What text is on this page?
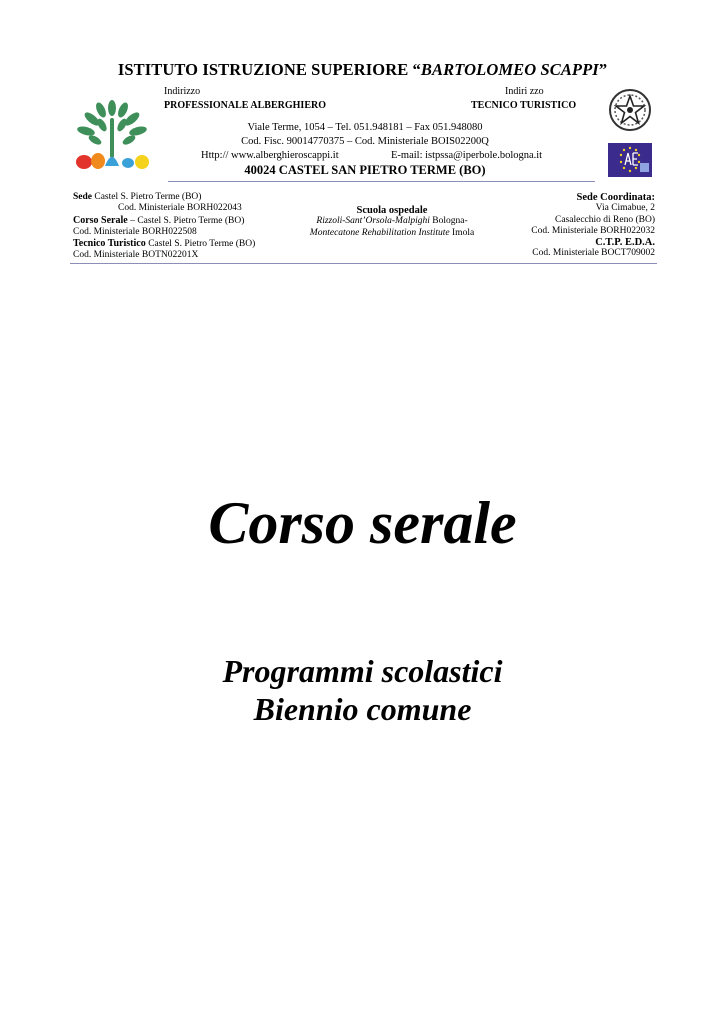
ISTITUTO ISTRUZIONE SUPERIORE “BARTOLOMEO SCAPPI”
Indirizzo
PROFESSIONALE ALBERGHIERO
Indiri zzo
TECNICO TURISTICO
Viale Terme, 1054 – Tel. 051.948181 – Fax 051.948080
Cod. Fisc. 90014770375 – Cod. Ministeriale BOIS02200Q
Http:// www.alberghieroscappi.it	E-mail: istpssa@iperbole.bologna.it
40024 CASTEL SAN PIETRO TERME (BO)
Sede Castel S. Pietro Terme (BO)
Cod. Ministeriale BORH022043
Corso Serale – Castel S. Pietro Terme (BO)
Cod. Ministeriale BORH022508
Tecnico Turistico Castel S. Pietro Terme (BO)
Cod. Ministeriale BOTN02201X
Scuola ospedale
Rizzoli-Sant’Orsola-Malpighi Bologna-
Montecatone Rehabilitation Institute Imola
Sede Coordinata:
Via Cimabue, 2
Casalecchio di Reno (BO)
Cod. Ministeriale BORH022032
C.T.P. E.D.A.
Cod. Ministeriale BOCT709002
Corso serale
Programmi scolastici
Biennio comune
